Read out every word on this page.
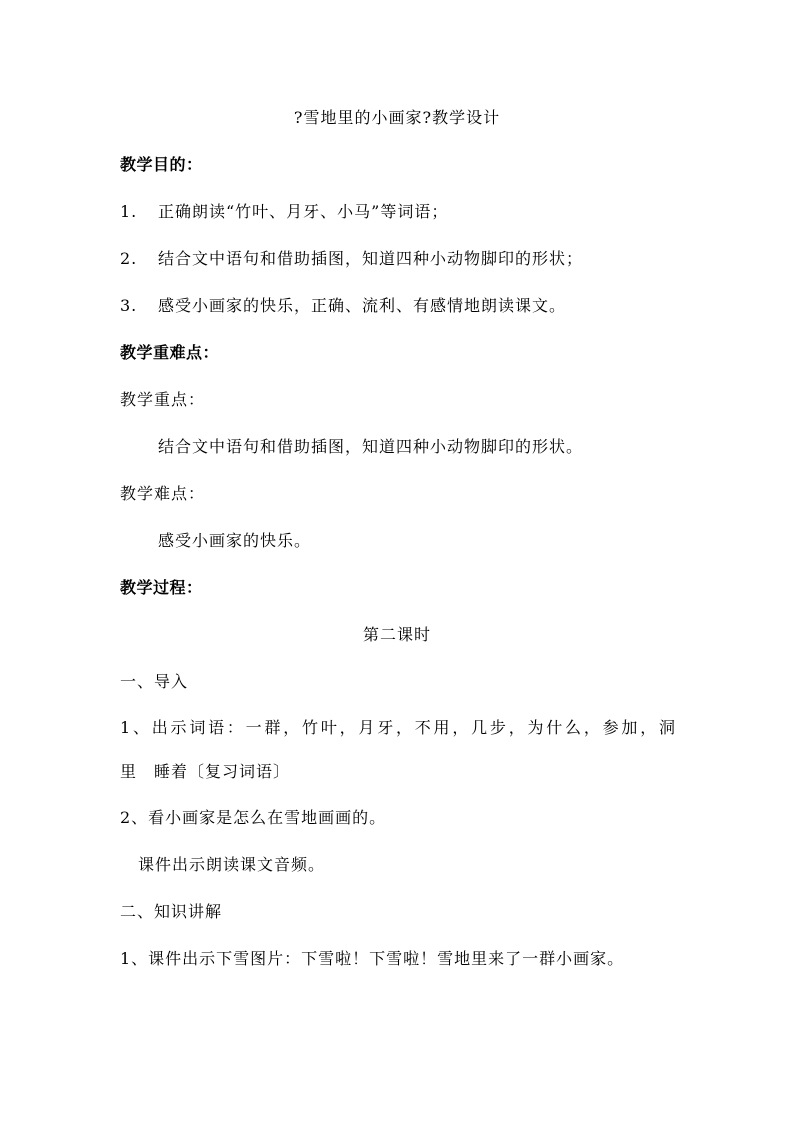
?雪地里的小画家?教学设计
教学目的：
1. 正确朗读“竹叶、月牙、小马”等词语；
2. 结合文中语句和借助插图，知道四种小动物脚印的形状；
3. 感受小画家的快乐，正确、流利、有感情地朗读课文。
教学重难点：
教学重点：
结合文中语句和借助插图，知道四种小动物脚印的形状。
教学难点：
感受小画家的快乐。
教学过程：
第二课时
一、导入
1、出示词语：一群，竹叶，月牙，不用，几步，为什么，参加，洞
里　睡着〔复习词语〕
2、看小画家是怎么在雪地画画的。
课件出示朗读课文音频。
二、知识讲解
1、课件出示下雪图片：下雪啦！下雪啦！雪地里来了一群小画家。
